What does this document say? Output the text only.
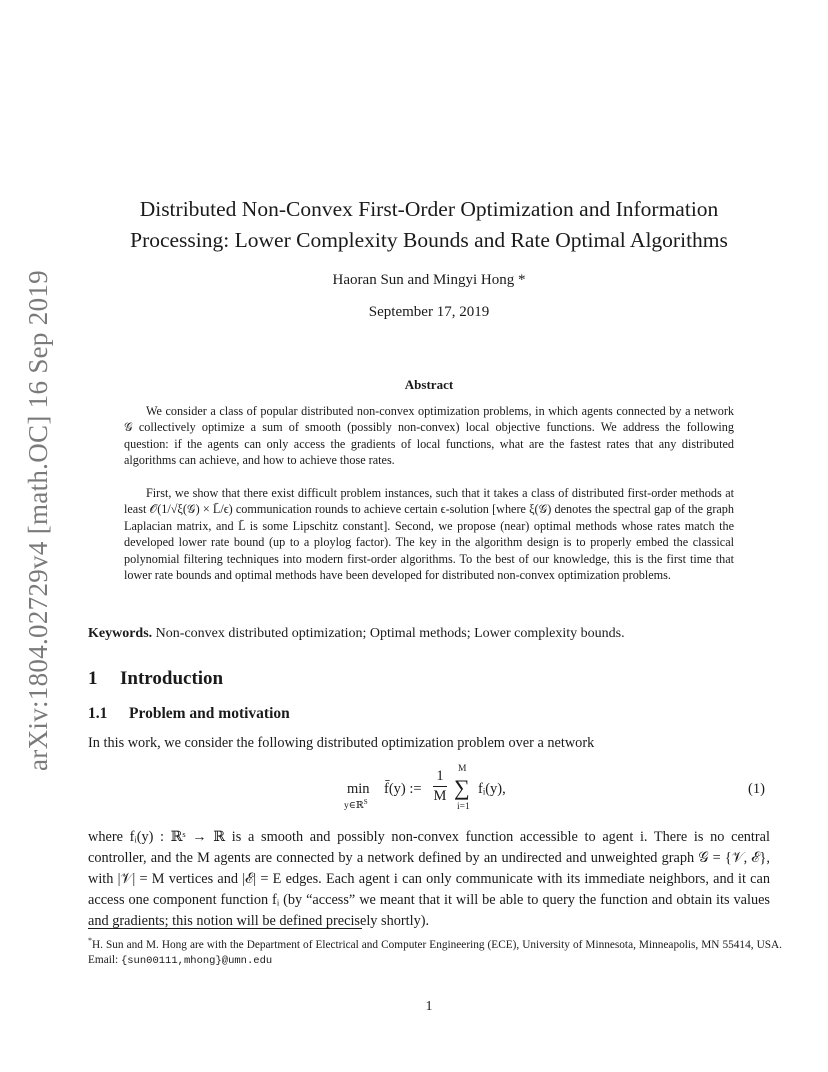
arXiv:1804.02729v4 [math.OC] 16 Sep 2019
Distributed Non-Convex First-Order Optimization and Information
Processing: Lower Complexity Bounds and Rate Optimal Algorithms
Haoran Sun and Mingyi Hong *
September 17, 2019
Abstract

We consider a class of popular distributed non-convex optimization problems, in which agents connected by a network 𝒢 collectively optimize a sum of smooth (possibly non-convex) local objective functions. We address the following question: if the agents can only access the gradients of local functions, what are the fastest rates that any distributed algorithms can achieve, and how to achieve those rates.

First, we show that there exist difficult problem instances, such that it takes a class of distributed first-order methods at least 𝒪(1/√ξ(𝒢) × L̄/ϵ) communication rounds to achieve certain ϵ-solution [where ξ(𝒢) denotes the spectral gap of the graph Laplacian matrix, and L̄ is some Lipschitz constant]. Second, we propose (near) optimal methods whose rates match the developed lower rate bound (up to a ploylog factor). The key in the algorithm design is to properly embed the classical polynomial filtering techniques into modern first-order algorithms. To the best of our knowledge, this is the first time that lower rate bounds and optimal methods have been developed for distributed non-convex optimization problems.

Keywords. Non-convex distributed optimization; Optimal methods; Lower complexity bounds.
1 Introduction
1.1 Problem and motivation
In this work, we consider the following distributed optimization problem over a network
min
y∈ℝ$^S$
f̄(y) :=
1
M
M
∑
i=1
fᵢ(y),	(1)

where fᵢ(y) : ℝˢ → ℝ is a smooth and possibly non-convex function accessible to agent i. There is no central controller, and the M agents are connected by a network defined by an undirected and unweighted graph 𝒢 = {𝒱, ℰ}, with |𝒱| = M vertices and |ℰ| = E edges. Each agent i can only communicate with its immediate neighbors, and it can access one component function fᵢ (by “access” we meant that it will be able to query the function and obtain its values and gradients; this notion will be defined precisely shortly).

*H. Sun and M. Hong are with the Department of Electrical and Computer Engineering (ECE), University of Minnesota, Minneapolis, MN 55414, USA. Email: {sun00111,mhong}@umn.edu
1
